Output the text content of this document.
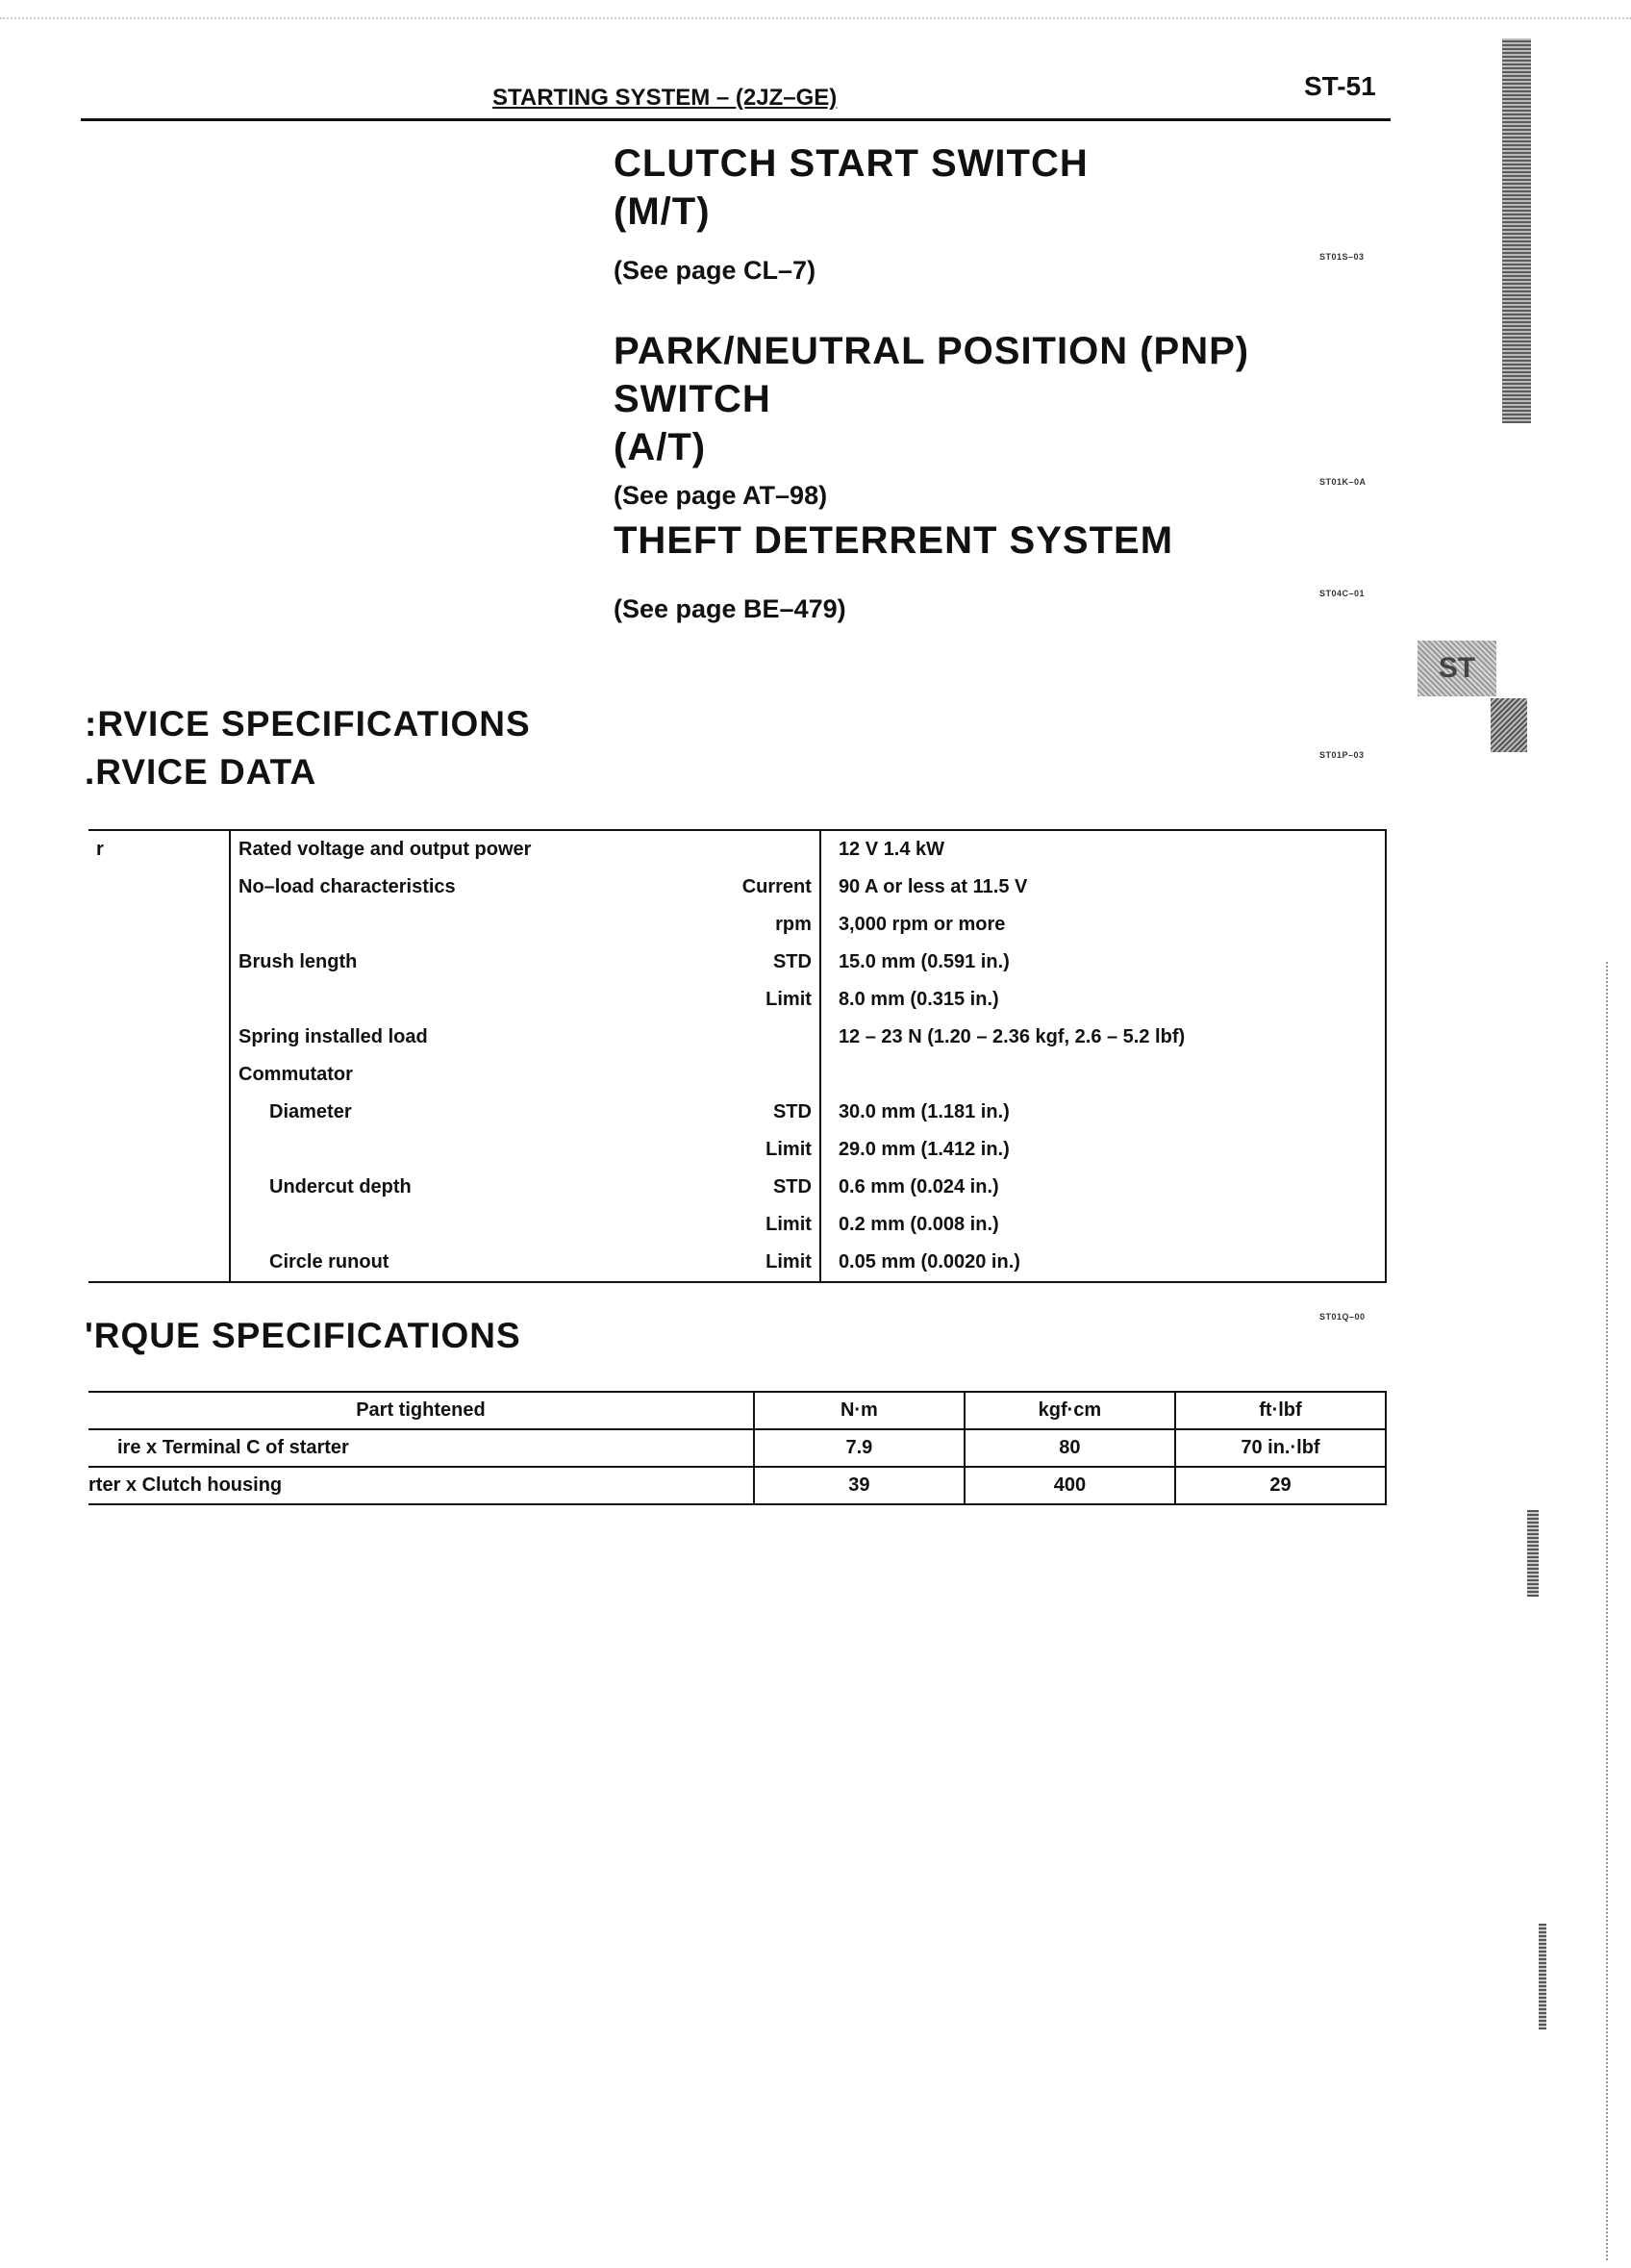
STARTING SYSTEM – (2JZ–GE)	ST-51
CLUTCH START SWITCH
(M/T)
(See page CL–7)	ST01S–03
PARK/NEUTRAL POSITION (PNP)
SWITCH
(A/T)
(See page AT–98)	ST01K–0A
THEFT DETERRENT SYSTEM
(See page BE–479)
ST04C–01
:RVICE SPECIFICATIONS
.RVICE DATA	ST01P–03
r	Rated voltage and output power		12 V 1.4 kW
	No–load characteristics	Current	90 A or less at 11.5 V
		rpm	3,000 rpm or more
	Brush length	STD	15.0 mm (0.591 in.)
		Limit	8.0 mm (0.315 in.)
	Spring installed load		12 – 23 N (1.20 – 2.36 kgf, 2.6 – 5.2 lbf)
	Commutator		
	Diameter	STD	30.0 mm (1.181 in.)
		Limit	29.0 mm (1.412 in.)
	Undercut depth	STD	0.6 mm (0.024 in.)
		Limit	0.2 mm (0.008 in.)
	Circle runout	Limit	0.05 mm (0.0020 in.)
'RQUE SPECIFICATIONS	ST01Q–00
Part tightened	N·m	kgf·cm	ft·lbf
ire x Terminal C of starter	7.9	80	70 in.·lbf
rter x Clutch housing	39	400	29
ST
